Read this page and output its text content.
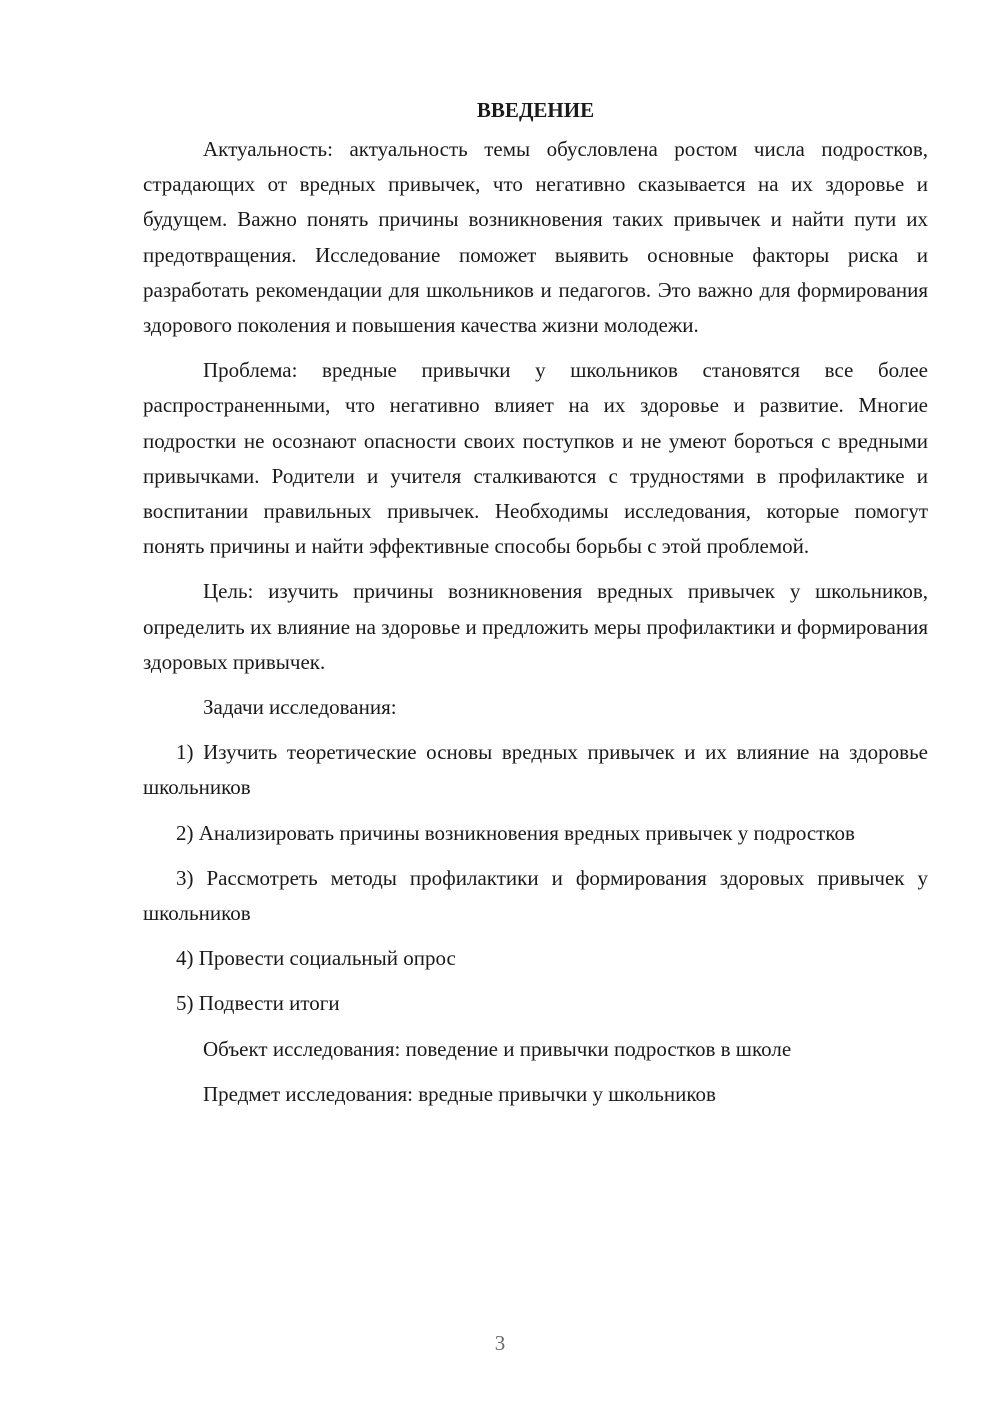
ВВЕДЕНИЕ

Актуальность: актуальность темы обусловлена ростом числа подростков, страдающих от вредных привычек, что негативно сказывается на их здоровье и будущем. Важно понять причины возникновения таких привычек и найти пути их предотвращения. Исследование поможет выявить основные факторы риска и разработать рекомендации для школьников и педагогов. Это важно для формирования здорового поколения и повышения качества жизни молодежи.

Проблема: вредные привычки у школьников становятся все более распространенными, что негативно влияет на их здоровье и развитие. Многие подростки не осознают опасности своих поступков и не умеют бороться с вредными привычками. Родители и учителя сталкиваются с трудностями в профилактике и воспитании правильных привычек. Необходимы исследования, которые помогут понять причины и найти эффективные способы борьбы с этой проблемой.

Цель: изучить причины возникновения вредных привычек у школьников, определить их влияние на здоровье и предложить меры профилактики и формирования здоровых привычек.

Задачи исследования:

1) Изучить теоретические основы вредных привычек и их влияние на здоровье школьников

2) Анализировать причины возникновения вредных привычек у подростков

3) Рассмотреть методы профилактики и формирования здоровых привычек у школьников

4) Провести социальный опрос

5) Подвести итоги

Объект исследования: поведение и привычки подростков в школе

Предмет исследования: вредные привычки у школьников

3
